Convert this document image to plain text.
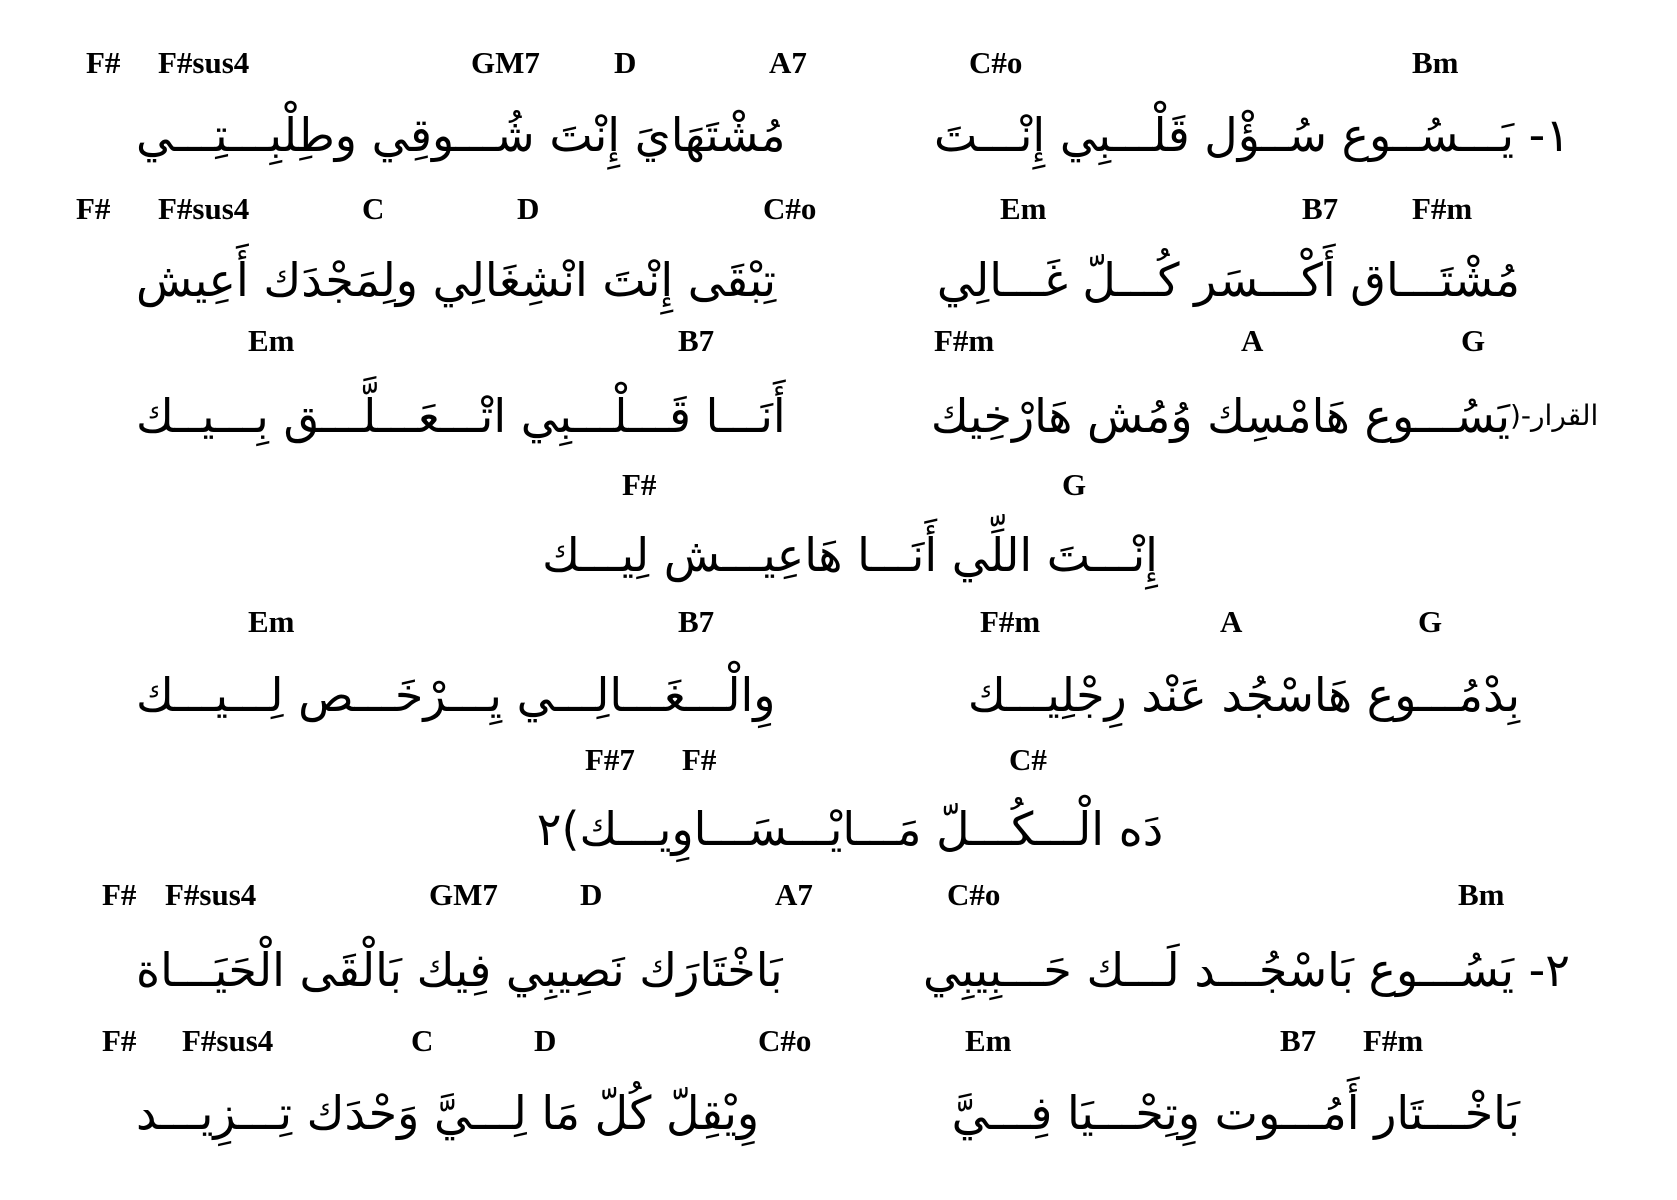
F# F#sus4	GM7 D	A7	C#o	Bm
١- يَـــسُــوع سُــؤْل قَلْـــبِي إِنْـــتَ
مُشْتَهَايَ إِنْتَ شُـــوقِي وطِلْبِـــتِـــي
F# F#sus4	C	D	C#o	Em	B7 F#m
مُشْتَـــاق أَكْـــسَر كُـــلّ غَـــالِي
تِبْقَى إِنْتَ انْشِغَالِي ولِمَجْدَك أَعِيش
Em	B7	F#m	A	G
يَسُـــوع هَامْسِك وُمُش هَارْخِيك القرار-(
أَنَـــا قَـــلْـــبِي اتْـــعَـــلَّـــق بِـــيــك
F#	G
إِنْـــتَ اللِّي أَنَـــا هَاعِيـــش لِيـــك
Em	B7	F#m	A	G
بِدْمُـــوع هَاسْجُد عَنْد رِجْلِيـــك
وِالْـــغَـــالِـــي يِـــرْخَـــص لِـــيـــك
F#7 F#	C#
دَه الْـــكُـــلّ مَـــايْـــسَـــاوِيـــك)٢
F# F#sus4	GM7	D	A7	C#o	Bm
٢- يَسُـــوع بَاسْجُـــد لَـــك حَـــبِيبِي
بَاخْتَارَك نَصِيبِي فِيك بَالْقَى الْحَيَـــاة
F# F#sus4	C	D	C#o	Em	B7 F#m
بَاخْـــتَار أَمُـــوت وِتِحْـــيَا فِـــيَّ
وِيْقِلّ كُلّ مَا لِـــيَّ وَحْدَك تِـــزِيـــد
